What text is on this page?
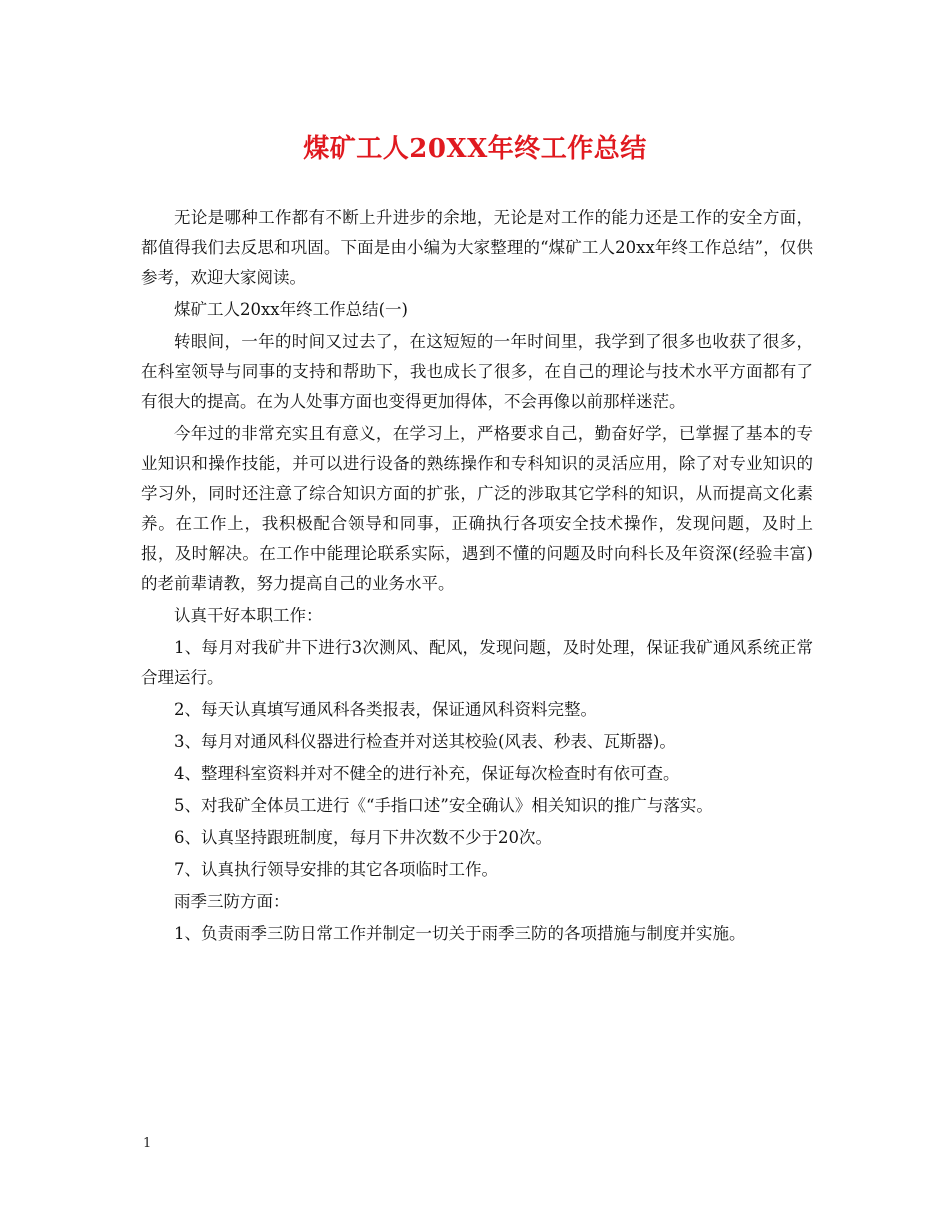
煤矿工人20XX年终工作总结

无论是哪种工作都有不断上升进步的余地，无论是对工作的能力还是工作的安全方面，都值得我们去反思和巩固。下面是由小编为大家整理的“煤矿工人20xx年终工作总结”，仅供参考，欢迎大家阅读。

煤矿工人20xx年终工作总结(一)

转眼间，一年的时间又过去了，在这短短的一年时间里，我学到了很多也收获了很多，在科室领导与同事的支持和帮助下，我也成长了很多，在自己的理论与技术水平方面都有了有很大的提高。在为人处事方面也变得更加得体，不会再像以前那样迷茫。

今年过的非常充实且有意义，在学习上，严格要求自己，勤奋好学，已掌握了基本的专业知识和操作技能，并可以进行设备的熟练操作和专科知识的灵活应用，除了对专业知识的学习外，同时还注意了综合知识方面的扩张，广泛的涉取其它学科的知识，从而提高文化素养。在工作上，我积极配合领导和同事，正确执行各项安全技术操作，发现问题，及时上报，及时解决。在工作中能理论联系实际，遇到不懂的问题及时向科长及年资深(经验丰富)的老前辈请教，努力提高自己的业务水平。

认真干好本职工作：

1、每月对我矿井下进行3次测风、配风，发现问题，及时处理，保证我矿通风系统正常合理运行。

2、每天认真填写通风科各类报表，保证通风科资料完整。

3、每月对通风科仪器进行检查并对送其校验(风表、秒表、瓦斯器)。

4、整理科室资料并对不健全的进行补充，保证每次检查时有依可查。

5、对我矿全体员工进行《“手指口述”安全确认》相关知识的推广与落实。

6、认真坚持跟班制度，每月下井次数不少于20次。

7、认真执行领导安排的其它各项临时工作。

雨季三防方面：

1、负责雨季三防日常工作并制定一切关于雨季三防的各项措施与制度并实施。

1
